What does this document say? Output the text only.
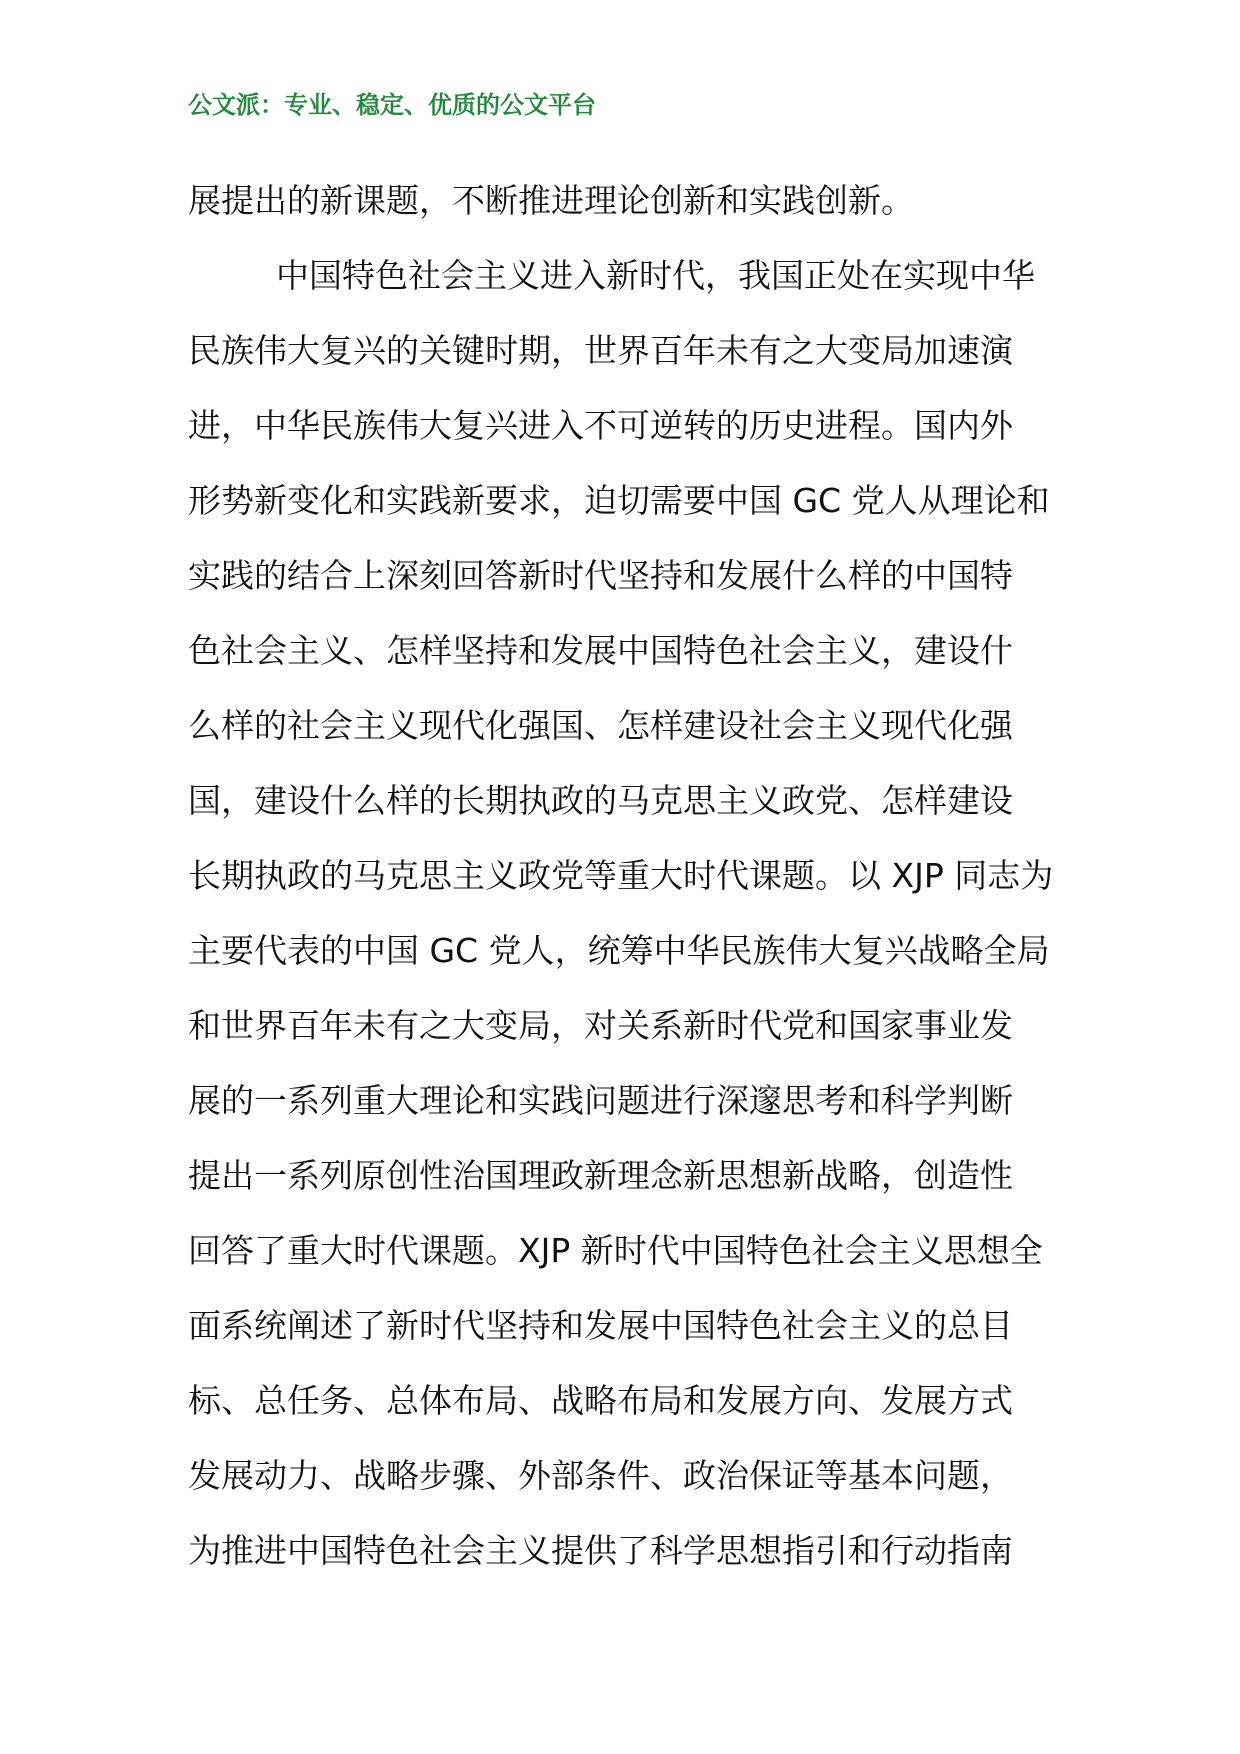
公文派：专业、稳定、优质的公文平台
展提出的新课题，不断推进理论创新和实践创新。
中国特色社会主义进入新时代，我国正处在实现中华
民族伟大复兴的关键时期，世界百年未有之大变局加速演
进，中华民族伟大复兴进入不可逆转的历史进程。国内外
形势新变化和实践新要求，迫切需要中国 GC 党人从理论和
实践的结合上深刻回答新时代坚持和发展什么样的中国特
色社会主义、怎样坚持和发展中国特色社会主义，建设什
么样的社会主义现代化强国、怎样建设社会主义现代化强
国，建设什么样的长期执政的马克思主义政党、怎样建设
长期执政的马克思主义政党等重大时代课题。以 XJP 同志为
主要代表的中国 GC 党人，统筹中华民族伟大复兴战略全局
和世界百年未有之大变局，对关系新时代党和国家事业发
展的一系列重大理论和实践问题进行深邃思考和科学判断
提出一系列原创性治国理政新理念新思想新战略，创造性
回答了重大时代课题。XJP 新时代中国特色社会主义思想全
面系统阐述了新时代坚持和发展中国特色社会主义的总目
标、总任务、总体布局、战略布局和发展方向、发展方式
发展动力、战略步骤、外部条件、政治保证等基本问题，
为推进中国特色社会主义提供了科学思想指引和行动指南
